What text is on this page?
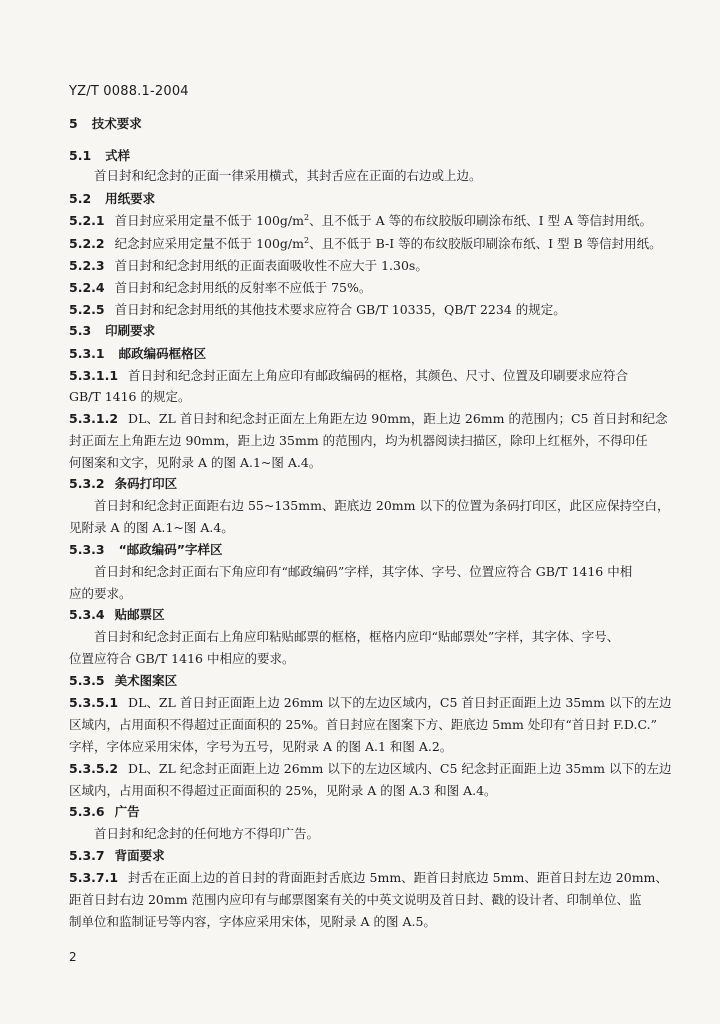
YZ/T 0088.1-2004
5 技术要求
5.1 式样
首日封和纪念封的正面一律采用横式，其封舌应在正面的右边或上边。
5.2 用纸要求
5.2.1 首日封应采用定量不低于 $100g/m^2$、且不低于 A 等的布纹胶版印刷涂布纸、I 型 A 等信封用纸。
5.2.2 纪念封应采用定量不低于 $100g/m^2$、且不低于 B-I 等的布纹胶版印刷涂布纸、I 型 B 等信封用纸。
5.2.3 首日封和纪念封用纸的正面表面吸收性不应大于 1.30s。
5.2.4 首日封和纪念封用纸的反射率不应低于 75%。
5.2.5 首日封和纪念封用纸的其他技术要求应符合 GB/T 10335，QB/T 2234 的规定。
5.3 印刷要求
5.3.1 邮政编码框格区
5.3.1.1 首日封和纪念封正面左上角应印有邮政编码的框格，其颜色、尺寸、位置及印刷要求应符合
GB/T 1416 的规定。
5.3.1.2 DL、ZL 首日封和纪念封正面左上角距左边 90mm，距上边 26mm 的范围内；C5 首日封和纪念
封正面左上角距左边 90mm，距上边 35mm 的范围内，均为机器阅读扫描区，除印上红框外，不得印任
何图案和文字，见附录 A 的图 A.1~图 A.4。
5.3.2 条码打印区
首日封和纪念封正面距右边 55~135mm、距底边 20mm 以下的位置为条码打印区，此区应保持空白，
见附录 A 的图 A.1~图 A.4。
5.3.3 “邮政编码”字样区
首日封和纪念封正面右下角应印有“邮政编码”字样，其字体、字号、位置应符合 GB/T 1416 中相
应的要求。
5.3.4 贴邮票区
首日封和纪念封正面右上角应印粘贴邮票的框格，框格内应印“贴邮票处”字样，其字体、字号、
位置应符合 GB/T 1416 中相应的要求。
5.3.5 美术图案区
5.3.5.1 DL、ZL 首日封正面距上边 26mm 以下的左边区域内，C5 首日封正面距上边 35mm 以下的左边
区域内，占用面积不得超过正面面积的 25%。首日封应在图案下方、距底边 5mm 处印有“首日封 F.D.C.”
字样，字体应采用宋体，字号为五号，见附录 A 的图 A.1 和图 A.2。
5.3.5.2 DL、ZL 纪念封正面距上边 26mm 以下的左边区域内、C5 纪念封正面距上边 35mm 以下的左边
区域内，占用面积不得超过正面面积的 25%，见附录 A 的图 A.3 和图 A.4。
5.3.6 广告
首日封和纪念封的任何地方不得印广告。
5.3.7 背面要求
5.3.7.1 封舌在正面上边的首日封的背面距封舌底边 5mm、距首日封底边 5mm、距首日封左边 20mm、
距首日封右边 20mm 范围内应印有与邮票图案有关的中英文说明及首日封、戳的设计者、印制单位、监
制单位和监制证号等内容，字体应采用宋体，见附录 A 的图 A.5。
2
